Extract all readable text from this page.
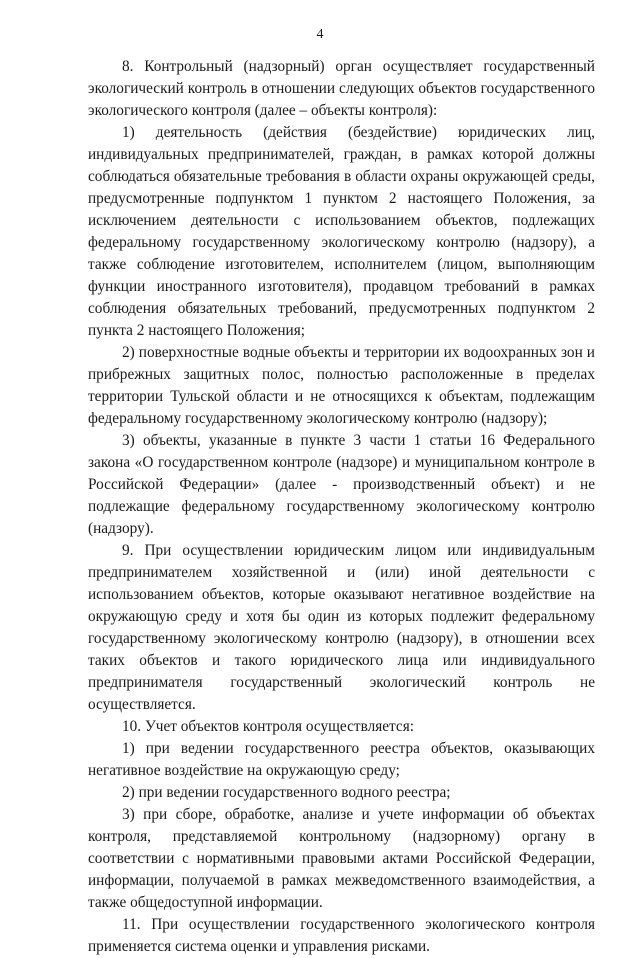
4

8. Контрольный (надзорный) орган осуществляет государственный экологический контроль в отношении следующих объектов государственного экологического контроля (далее – объекты контроля):

1) деятельность (действия (бездействие) юридических лиц, индивидуальных предпринимателей, граждан, в рамках которой должны соблюдаться обязательные требования в области охраны окружающей среды, предусмотренные подпунктом 1 пунктом 2 настоящего Положения, за исключением деятельности с использованием объектов, подлежащих федеральному государственному экологическому контролю (надзору), а также соблюдение изготовителем, исполнителем (лицом, выполняющим функции иностранного изготовителя), продавцом требований в рамках соблюдения обязательных требований, предусмотренных подпунктом 2 пункта 2 настоящего Положения;

2) поверхностные водные объекты и территории их водоохранных зон и прибрежных защитных полос, полностью расположенные в пределах территории Тульской области и не относящихся к объектам, подлежащим федеральному государственному экологическому контролю (надзору);

3) объекты, указанные в пункте 3 части 1 статьи 16 Федерального закона «О государственном контроле (надзоре) и муниципальном контроле в Российской Федерации» (далее - производственный объект) и не подлежащие федеральному государственному экологическому контролю (надзору).

9. При осуществлении юридическим лицом или индивидуальным предпринимателем хозяйственной и (или) иной деятельности с использованием объектов, которые оказывают негативное воздействие на окружающую среду и хотя бы один из которых подлежит федеральному государственному экологическому контролю (надзору), в отношении всех таких объектов и такого юридического лица или индивидуального предпринимателя государственный экологический контроль не осуществляется.

10. Учет объектов контроля осуществляется:

1) при ведении государственного реестра объектов, оказывающих негативное воздействие на окружающую среду;

2) при ведении государственного водного реестра;

3) при сборе, обработке, анализе и учете информации об объектах контроля, представляемой контрольному (надзорному) органу в соответствии с нормативными правовыми актами Российской Федерации, информации, получаемой в рамках межведомственного взаимодействия, а также общедоступной информации.

11. При осуществлении государственного экологического контроля применяется система оценки и управления рисками.
